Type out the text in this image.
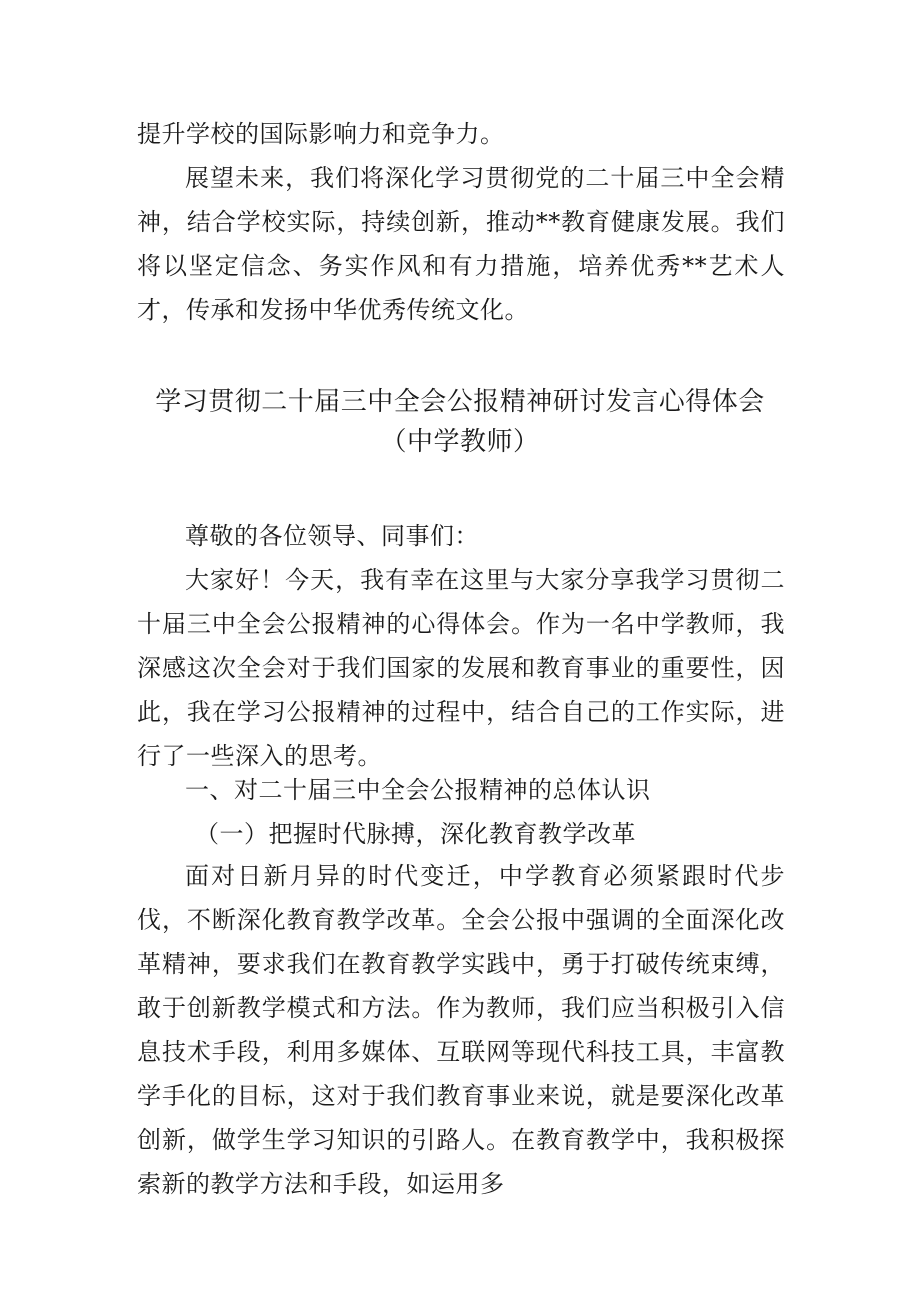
提升学校的国际影响力和竞争力。

展望未来，我们将深化学习贯彻党的二十届三中全会精神，结合学校实际，持续创新，推动**教育健康发展。我们将以坚定信念、务实作风和有力措施，培养优秀**艺术人才，传承和发扬中华优秀传统文化。

学习贯彻二十届三中全会公报精神研讨发言心得体会
（中学教师）

尊敬的各位领导、同事们：

大家好！今天，我有幸在这里与大家分享我学习贯彻二十届三中全会公报精神的心得体会。作为一名中学教师，我深感这次全会对于我们国家的发展和教育事业的重要性，因此，我在学习公报精神的过程中，结合自己的工作实际，进行了一些深入的思考。

一、对二十届三中全会公报精神的总体认识
（一）把握时代脉搏，深化教育教学改革

面对日新月异的时代变迁，中学教育必须紧跟时代步伐，不断深化教育教学改革。全会公报中强调的全面深化改革精神，要求我们在教育教学实践中，勇于打破传统束缚，敢于创新教学模式和方法。作为教师，我们应当积极引入信息技术手段，利用多媒体、互联网等现代科技工具，丰富教学手化的目标，这对于我们教育事业来说，就是要深化改革创新，做学生学习知识的引路人。在教育教学中，我积极探索新的教学方法和手段，如运用多
